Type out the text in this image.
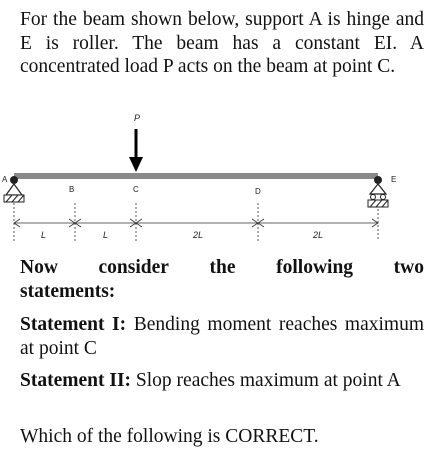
For the beam shown below, support A is hinge and E is roller. The beam has a constant EI. A concentrated load P acts on the beam at point C.
P
A
B	C	D
E
L	L	2L	2L
Now consider the following two
statements:
Statement I: Bending moment reaches maximum at point C
Statement II: Slop reaches maximum at point A
Which of the following is CORRECT.
